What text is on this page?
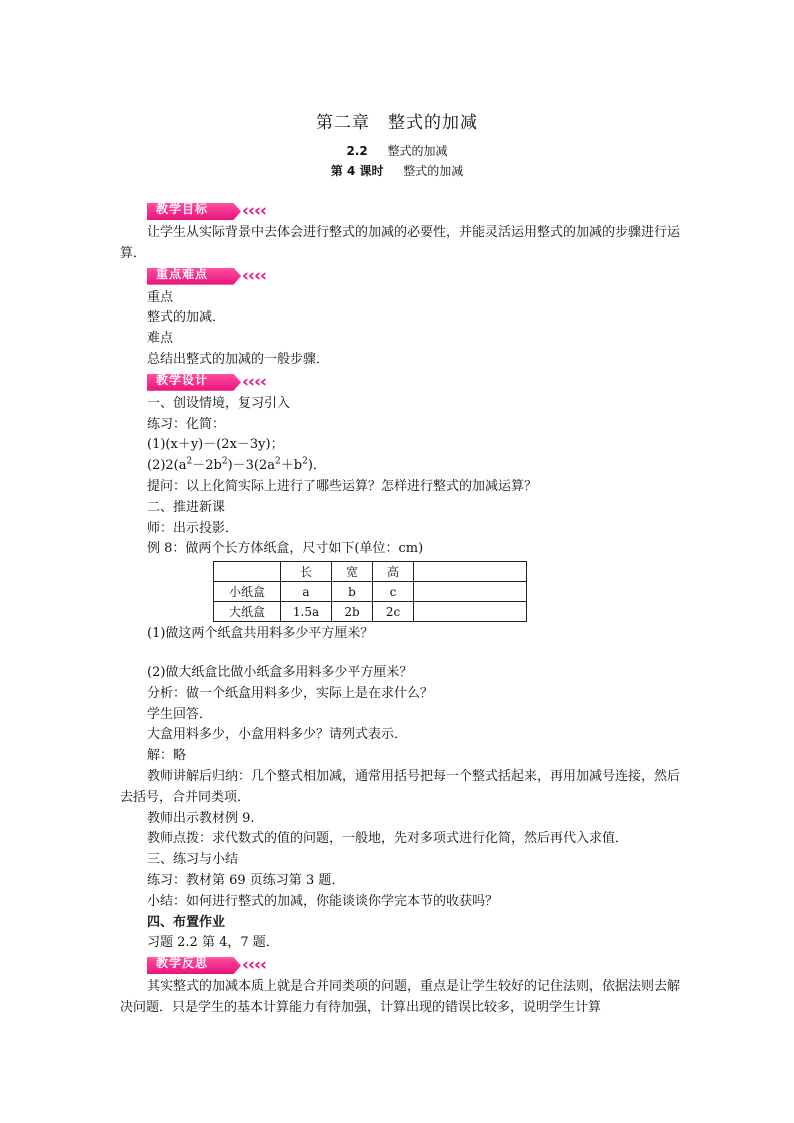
第二章　整式的加减
2.2 　 整式的加减
第 4 课时 　 整式的加减
教学目标 ‹‹‹‹
让学生从实际背景中去体会进行整式的加减的必要性，并能灵活运用整式的加减的步骤进行运算．
重点难点 ‹‹‹‹
重点
整式的加减．
难点
总结出整式的加减的一般步骤．
教学设计 ‹‹‹‹
一、创设情境，复习引入
练习：化简：
(1)(x＋y)－(2x－3y)；
$(2)2(a^2-2b^2)-3(2a^2+b^2)$．
提问：以上化简实际上进行了哪些运算？怎样进行整式的加减运算？
二、推进新课
师：出示投影．
例 8：做两个长方体纸盒，尺寸如下(单位：cm)
	长	宽	高	
小纸盒	a	b	c	
大纸盒	1.5a	2b	2c	
(1)做这两个纸盒共用料多少平方厘米？
(2)做大纸盒比做小纸盒多用料多少平方厘米？
分析：做一个纸盒用料多少，实际上是在求什么？
学生回答．
大盒用料多少，小盒用料多少？请列式表示．
解：略
教师讲解后归纳：几个整式相加减，通常用括号把每一个整式括起来，再用加减号连接，然后去括号，合并同类项．
教师出示教材例 9.
教师点拨：求代数式的值的问题，一般地，先对多项式进行化简，然后再代入求值．
三、练习与小结
练习：教材第 69 页练习第 3 题．
小结：如何进行整式的加减，你能谈谈你学完本节的收获吗？
四、布置作业
习题 2.2 第 4，7 题．
教学反思 ‹‹‹‹
其实整式的加减本质上就是合并同类项的问题，重点是让学生较好的记住法则，依据法则去解决问题．只是学生的基本计算能力有待加强，计算出现的错误比较多，说明学生计算
